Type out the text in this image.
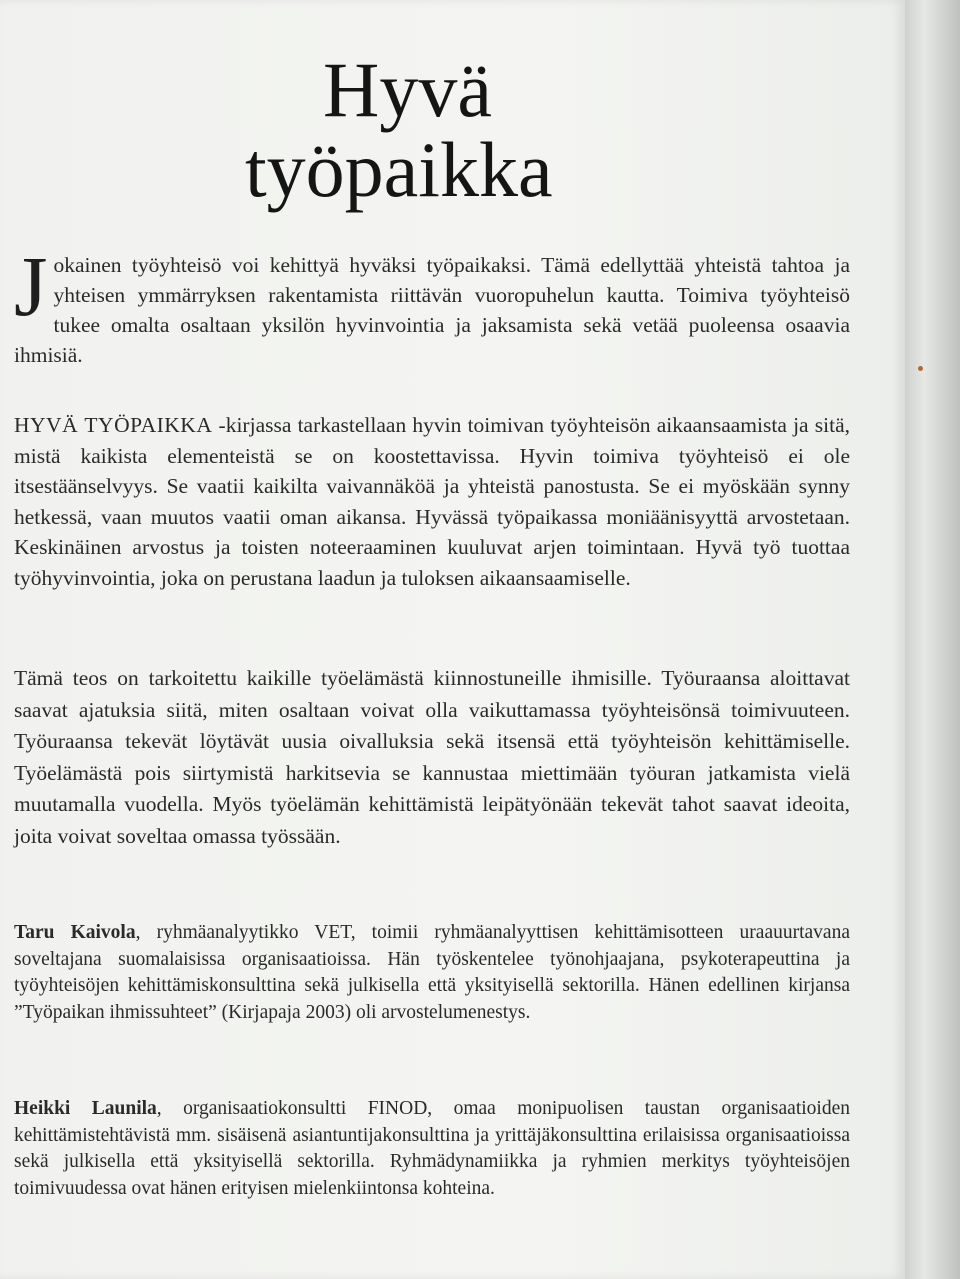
Hyvä
työpaikka

Jokainen työyhteisö voi kehittyä hyväksi työpaikaksi. Tämä edellyttää yhteistä tahtoa ja yhteisen ymmärryksen rakentamista riittävän vuoropuhelun kautta. Toimiva työyhteisö tukee omalta osaltaan yksilön hyvinvointia ja jaksamista sekä vetää puoleensa osaavia ihmisiä.

HYVÄ TYÖPAIKKA -kirjassa tarkastellaan hyvin toimivan työyhteisön aikaansaamista ja sitä, mistä kaikista elementeistä se on koostettavissa. Hyvin toimiva työyhteisö ei ole itsestäänselvyys. Se vaatii kaikilta vaivannäköä ja yhteistä panostusta. Se ei myöskään synny hetkessä, vaan muutos vaatii oman aikansa. Hyvässä työpaikassa moniäänisyyttä arvostetaan. Keskinäinen arvostus ja toisten noteeraaminen kuuluvat arjen toimintaan. Hyvä työ tuottaa työhyvinvointia, joka on perustana laadun ja tuloksen aikaansaamiselle.

Tämä teos on tarkoitettu kaikille työelämästä kiinnostuneille ihmisille. Työuraansa aloittavat saavat ajatuksia siitä, miten osaltaan voivat olla vaikuttamassa työyhteisönsä toimivuuteen. Työuraansa tekevät löytävät uusia oivalluksia sekä itsensä että työyhteisön kehittämiselle. Työelämästä pois siirtymistä harkitsevia se kannustaa miettimään työuran jatkamista vielä muutamalla vuodella. Myös työelämän kehittämistä leipätyönään tekevät tahot saavat ideoita, joita voivat soveltaa omassa työssään.

Taru Kaivola, ryhmäanalyytikko VET, toimii ryhmäanalyyttisen kehittämisotteen uraauurtavana soveltajana suomalaisissa organisaatioissa. Hän työskentelee työnohjaajana, psykoterapeuttina ja työyhteisöjen kehittämiskonsulttina sekä julkisella että yksityisellä sektorilla. Hänen edellinen kirjansa ”Työpaikan ihmissuhteet” (Kirjapaja 2003) oli arvostelumenestys.

Heikki Launila, organisaatiokonsultti FINOD, omaa monipuolisen taustan organisaatioiden kehittämistehtävistä mm. sisäisenä asiantuntijakonsulttina ja yrittäjäkonsulttina erilaisissa organisaatioissa sekä julkisella että yksityisellä sektorilla. Ryhmädynamiikka ja ryhmien merkitys työyhteisöjen toimivuudessa ovat hänen erityisen mielenkiintonsa kohteina.
